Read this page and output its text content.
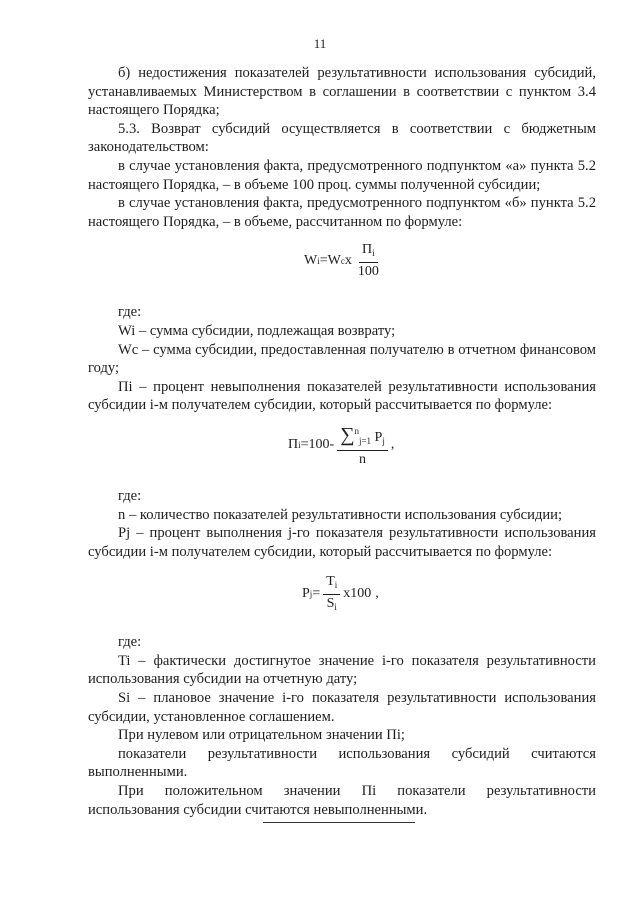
11

б) недостижения показателей результативности использования субсидий, устанавливаемых Министерством в соглашении в соответствии с пунктом 3.4 настоящего Порядка;

5.3. Возврат субсидий осуществляется в соответствии с бюджетным законодательством:

в случае установления факта, предусмотренного подпунктом «а» пункта 5.2 настоящего Порядка, – в объеме 100 проц. суммы полученной субсидии;

в случае установления факта, предусмотренного подпунктом «б» пункта 5.2 настоящего Порядка, – в объеме, рассчитанном по формуле:

W i =W c x $\frac{П_i}{100}$

где:

Wi – сумма субсидии, подлежащая возврату;

Wc – сумма субсидии, предоставленная получателю в отчетном финансовом году;

Пi – процент невыполнения показателей результативности использования субсидии i-м получателем субсидии, который рассчитывается по формуле:

П $i =100- \frac{\sum^n_{j=1} P_j}{n}$ ,

где:

n – количество показателей результативности использования субсидии;

Pj – процент выполнения j-го показателя результативности использования субсидии i-м получателем субсидии, который рассчитывается по формуле:

P $j = \frac{T_i}{S_i} x100$ ,

где:

Ti – фактически достигнутое значение i-го показателя результативности использования субсидии на отчетную дату;

Si – плановое значение i-го показателя результативности использования субсидии, установленное соглашением.

При нулевом или отрицательном значении Пi;

показатели результативности использования субсидий считаются выполненными.

При положительном значении Пi показатели результативности использования субсидии считаются невыполненными.
